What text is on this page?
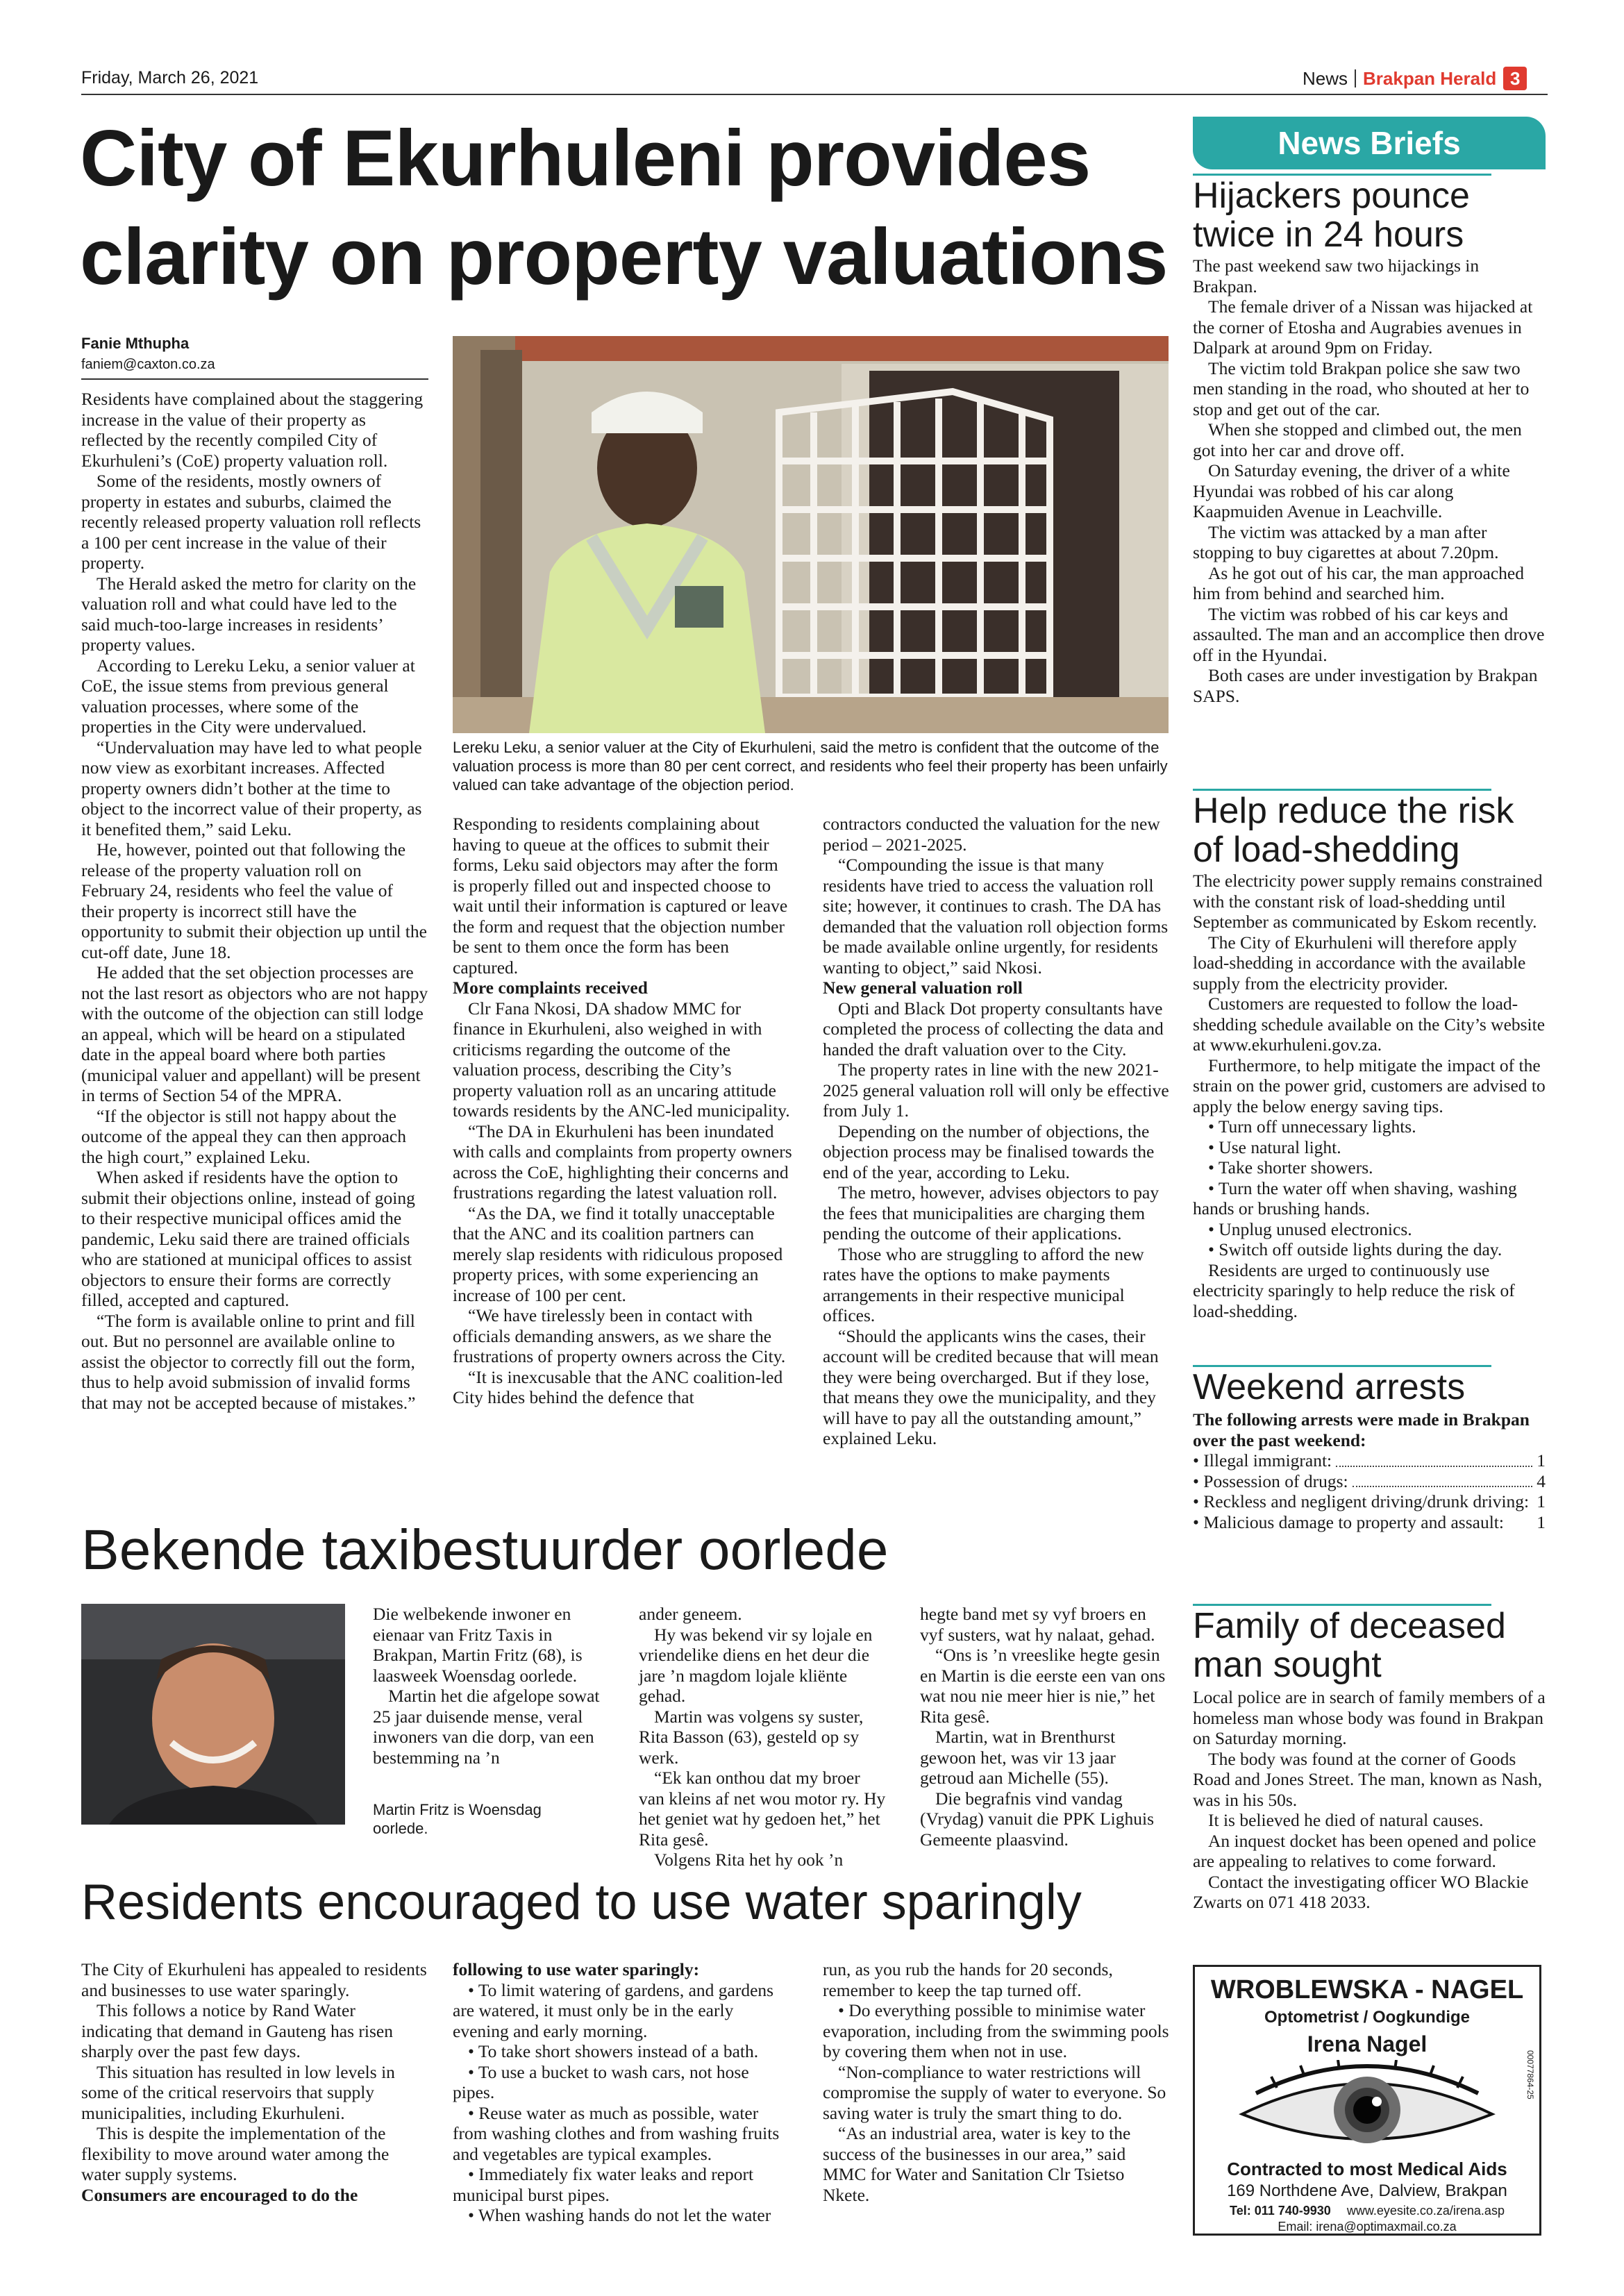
Friday, March 26, 2021	News Brakpan Herald 3
City of Ekurhuleni provides
clarity on property valuations
Fanie Mthupha
faniem@caxton.co.za

Residents have complained about the staggering increase in the value of their property as reflected by the recently compiled City of Ekurhuleni’s (CoE) property valuation roll.

Some of the residents, mostly owners of property in estates and suburbs, claimed the recently released property valuation roll reflects a 100 per cent increase in the value of their property.

The Herald asked the metro for clarity on the valuation roll and what could have led to the said much-too-large increases in residents’ property values.

According to Lereku Leku, a senior valuer at CoE, the issue stems from previous general valuation processes, where some of the properties in the City were undervalued.

“Undervaluation may have led to what people now view as exorbitant increases. Affected property owners didn’t bother at the time to object to the incorrect value of their property, as it benefited them,” said Leku.

He, however, pointed out that following the release of the property valuation roll on February 24, residents who feel the value of their property is incorrect still have the opportunity to submit their objection up until the cut-off date, June 18.

He added that the set objection processes are not the last resort as objectors who are not happy with the outcome of the objection can still lodge an appeal, which will be heard on a stipulated date in the appeal board where both parties (municipal valuer and appellant) will be present in terms of Section 54 of the MPRA.

“If the objector is still not happy about the outcome of the appeal they can then approach the high court,” explained Leku.

When asked if residents have the option to submit their objections online, instead of going to their respective municipal offices amid the pandemic, Leku said there are trained officials who are stationed at municipal offices to assist objectors to ensure their forms are correctly filled, accepted and captured.

“The form is available online to print and fill out. But no personnel are available online to assist the objector to correctly fill out the form, thus to help avoid submission of invalid forms that may not be accepted because of mistakes.”

Lereku Leku, a senior valuer at the City of Ekurhuleni, said the metro is confident that the outcome of the valuation process is more than 80 per cent correct, and residents who feel their property has been unfairly valued can take advantage of the objection period.

Responding to residents complaining about having to queue at the offices to submit their forms, Leku said objectors may after the form is properly filled out and inspected choose to wait until their information is captured or leave the form and request that the objection number be sent to them once the form has been captured.

More complaints received

Clr Fana Nkosi, DA shadow MMC for finance in Ekurhuleni, also weighed in with criticisms regarding the outcome of the valuation process, describing the City’s property valuation roll as an uncaring attitude towards residents by the ANC-led municipality.

“The DA in Ekurhuleni has been inundated with calls and complaints from property owners across the CoE, highlighting their concerns and frustrations regarding the latest valuation roll.

“As the DA, we find it totally unacceptable that the ANC and its coalition partners can merely slap residents with ridiculous proposed property prices, with some experiencing an increase of 100 per cent.

“We have tirelessly been in contact with officials demanding answers, as we share the frustrations of property owners across the City.

“It is inexcusable that the ANC coalition-led City hides behind the defence that

contractors conducted the valuation for the new period – 2021-2025.

“Compounding the issue is that many residents have tried to access the valuation roll site; however, it continues to crash. The DA has demanded that the valuation roll objection forms be made available online urgently, for residents wanting to object,” said Nkosi.

New general valuation roll

Opti and Black Dot property consultants have completed the process of collecting the data and handed the draft valuation over to the City.

The property rates in line with the new 2021-2025 general valuation roll will only be effective from July 1.

Depending on the number of objections, the objection process may be finalised towards the end of the year, according to Leku.

The metro, however, advises objectors to pay the fees that municipalities are charging them pending the outcome of their applications.

Those who are struggling to afford the new rates have the options to make payments arrangements in their respective municipal offices.

“Should the applicants wins the cases, their account will be credited because that will mean they were being overcharged. But if they lose, that means they owe the municipality, and they will have to pay all the outstanding amount,” explained Leku.

Bekende taxibestuurder oorlede
Martin Fritz is Woensdag oorlede.

Die welbekende inwoner en eienaar van Fritz Taxis in Brakpan, Martin Fritz (68), is laasweek Woensdag oorlede.

Martin het die afgelope sowat 25 jaar duisende mense, veral inwoners van die dorp, van een bestemming na ’n

ander geneem.

Hy was bekend vir sy lojale en vriendelike diens en het deur die jare ’n magdom lojale kliënte gehad.

Martin was volgens sy suster, Rita Basson (63), gesteld op sy werk.

“Ek kan onthou dat my broer van kleins af net wou motor ry. Hy het geniet wat hy gedoen het,” het Rita gesê.

Volgens Rita het hy ook ’n

hegte band met sy vyf broers en vyf susters, wat hy nalaat, gehad.

“Ons is ’n vreeslike hegte gesin en Martin is die eerste een van ons wat nou nie meer hier is nie,” het Rita gesê.

Martin, wat in Brenthurst gewoon het, was vir 13 jaar getroud aan Michelle (55).

Die begrafnis vind vandag (Vrydag) vanuit die PPK Lighuis Gemeente plaasvind.

Residents encouraged to use water sparingly

The City of Ekurhuleni has appealed to residents and businesses to use water sparingly.

This follows a notice by Rand Water indicating that demand in Gauteng has risen sharply over the past few days.

This situation has resulted in low levels in some of the critical reservoirs that supply municipalities, including Ekurhuleni.

This is despite the implementation of the flexibility to move around water among the water supply systems.

Consumers are encouraged to do the

following to use water sparingly:

• To limit watering of gardens, and gardens are watered, it must only be in the early evening and early morning.

• To take short showers instead of a bath.

• To use a bucket to wash cars, not hose pipes.

• Reuse water as much as possible, water from washing clothes and from washing fruits and vegetables are typical examples.

• Immediately fix water leaks and report municipal burst pipes.

• When washing hands do not let the water

run, as you rub the hands for 20 seconds, remember to keep the tap turned off.

• Do everything possible to minimise water evaporation, including from the swimming pools by covering them when not in use.

“Non-compliance to water restrictions will compromise the supply of water to everyone. So saving water is truly the smart thing to do.

“As an industrial area, water is key to the success of the businesses in our area,” said MMC for Water and Sanitation Clr Tsietso Nkete.

News Briefs
Hijackers pounce twice in 24 hours

The past weekend saw two hijackings in Brakpan.

The female driver of a Nissan was hijacked at the corner of Etosha and Augrabies avenues in Dalpark at around 9pm on Friday.

The victim told Brakpan police she saw two men standing in the road, who shouted at her to stop and get out of the car.

When she stopped and climbed out, the men got into her car and drove off.

On Saturday evening, the driver of a white Hyundai was robbed of his car along Kaapmuiden Avenue in Leachville.

The victim was attacked by a man after stopping to buy cigarettes at about 7.20pm.

As he got out of his car, the man approached him from behind and searched him.

The victim was robbed of his car keys and assaulted. The man and an accomplice then drove off in the Hyundai.

Both cases are under investigation by Brakpan SAPS.

Help reduce the risk of load-shedding

The electricity power supply remains constrained with the constant risk of load-shedding until September as communicated by Eskom recently.

The City of Ekurhuleni will therefore apply load-shedding in accordance with the available supply from the electricity provider.

Customers are requested to follow the load-shedding schedule available on the City’s website at www.ekurhuleni.gov.za.

Furthermore, to help mitigate the impact of the strain on the power grid, customers are advised to apply the below energy saving tips.

• Turn off unnecessary lights.

• Use natural light.

• Take shorter showers.

• Turn the water off when shaving, washing hands or brushing hands.

• Unplug unused electronics.

• Switch off outside lights during the day.

Residents are urged to continuously use electricity sparingly to help reduce the risk of load-shedding.

Weekend arrests

The following arrests were made in Brakpan over the past weekend:

• Illegal immigrant:	1
• Possession of drugs:	4
• Reckless and negligent driving/drunk driving: 1
• Malicious damage to property and assault:	1
Family of deceased man sought

Local police are in search of family members of a homeless man whose body was found in Brakpan on Saturday morning.

The body was found at the corner of Goods Road and Jones Street. The man, known as Nash, was in his 50s.

It is believed he died of natural causes.

An inquest docket has been opened and police are appealing to relatives to come forward.

Contact the investigating officer WO Blackie Zwarts on 071 418 2033.

WROBLEWSKA - NAGEL
Optometrist / Oogkundige
Irena Nagel
Contracted to most Medical Aids
169 Northdene Ave, Dalview, Brakpan
Tel: 011 740-9930 www.eyesite.co.za/irena.asp
Email: irena@optimaxmail.co.za
00077864-25
